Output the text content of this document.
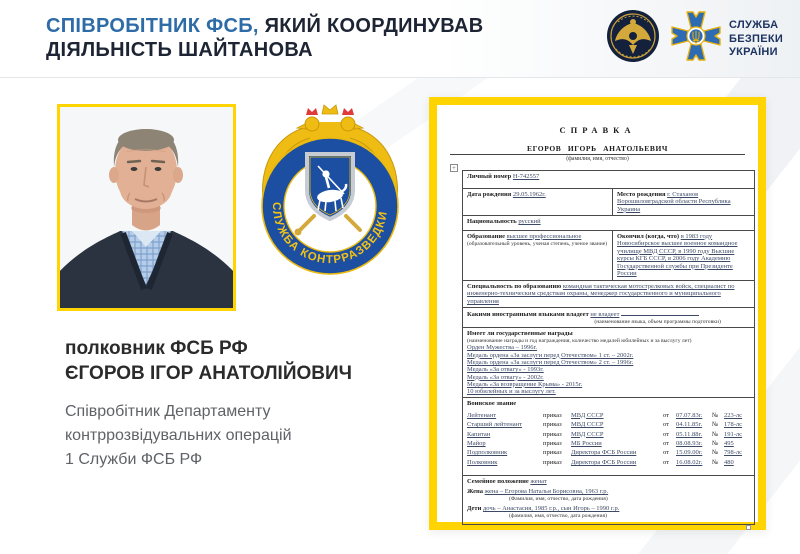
СПІВРОБІТНИК ФСБ, ЯКИЙ КООРДИНУВАВ
ДІЯЛЬНІСТЬ ШАЙТАНОВА
СЛУЖБА
БЕЗПЕКИ
УКРАЇНИ
СЛУЖБА КОНТРРАЗВЕДКИ
полковник ФСБ РФ
ЄГОРОВ ІГОР АНАТОЛІЙОВИЧ
Співробітник Департаменту
контррозвідувальних операцій
1 Служби ФСБ РФ
СПРАВКА
ЕГОРОВ ИГОРЬ АНАТОЛЬЕВИЧ
(фамилия, имя, отчество)
+
Личный номер Н-742557	
Дата рождения 29.05.1962г.	Место рождения г. Стаханов Ворошиловградской области Республика Украина
Национальность русский	
Образование высшее профессиональное (образовательный уровень, ученая степень, ученое звание)	Окончил (когда, что) в 1983 году Новосибирское высшее военное командное училище МВД СССР, в 1990 году Высшие курсы КГБ СССР, в 2006 году Академию Государственной службы при Президенте России
Специальность по образованию командная тактическая мотострелковых войск, специалист по инженерно-техническим средствам охраны, менеджер государственного и муниципального управления	
Какими иностранными языками владеет не владеет
(наименование языка, объем программы подготовки)	

Имеет ли государственные награды
(наименование награды и год награждения, количество медалей юбилейных и за выслугу лет)
Орден Мужества – 1996г.
Медаль ордена «За заслуги перед Отечеством» 1 ст. – 2002г.
Медаль ордена «За заслуги перед Отечеством» 2 ст. – 1996г.
Медаль «За отвагу» - 1993г.
Медаль «За отвагу» - 2002г.
Медаль «За возвращение Крыма» - 2015г.
10 юбилейных и за выслугу лет.

Воинское звание
Лейтенант	приказ	МВД СССР	от	07.07.83г.	№ 223-лс
Старший лейтенант	приказ	МВД СССР	от	04.11.85г.	№ 178-лс
Капитан	приказ	МВД СССР	от	05.11.88г.	№ 191-лс
Майор	приказ	МБ России	от	08.08.93г.	№ 495
Подполковник	приказ	Директора ФСБ России	от	15.09.00г.	№ 798-лс
Полковник	приказ	Директора ФСБ России	от	16.08.02г.	№ 480

Семейное положение женат
Жена жена – Егорова Наталья Борисовна, 1963 г.р.
(Фамилия, имя, отчество, дата рождения)
Дети дочь – Анастасия, 1985 г.р., сын Игорь – 1990 г.р.
(фамилия, имя, отчество, дата рождения)	
